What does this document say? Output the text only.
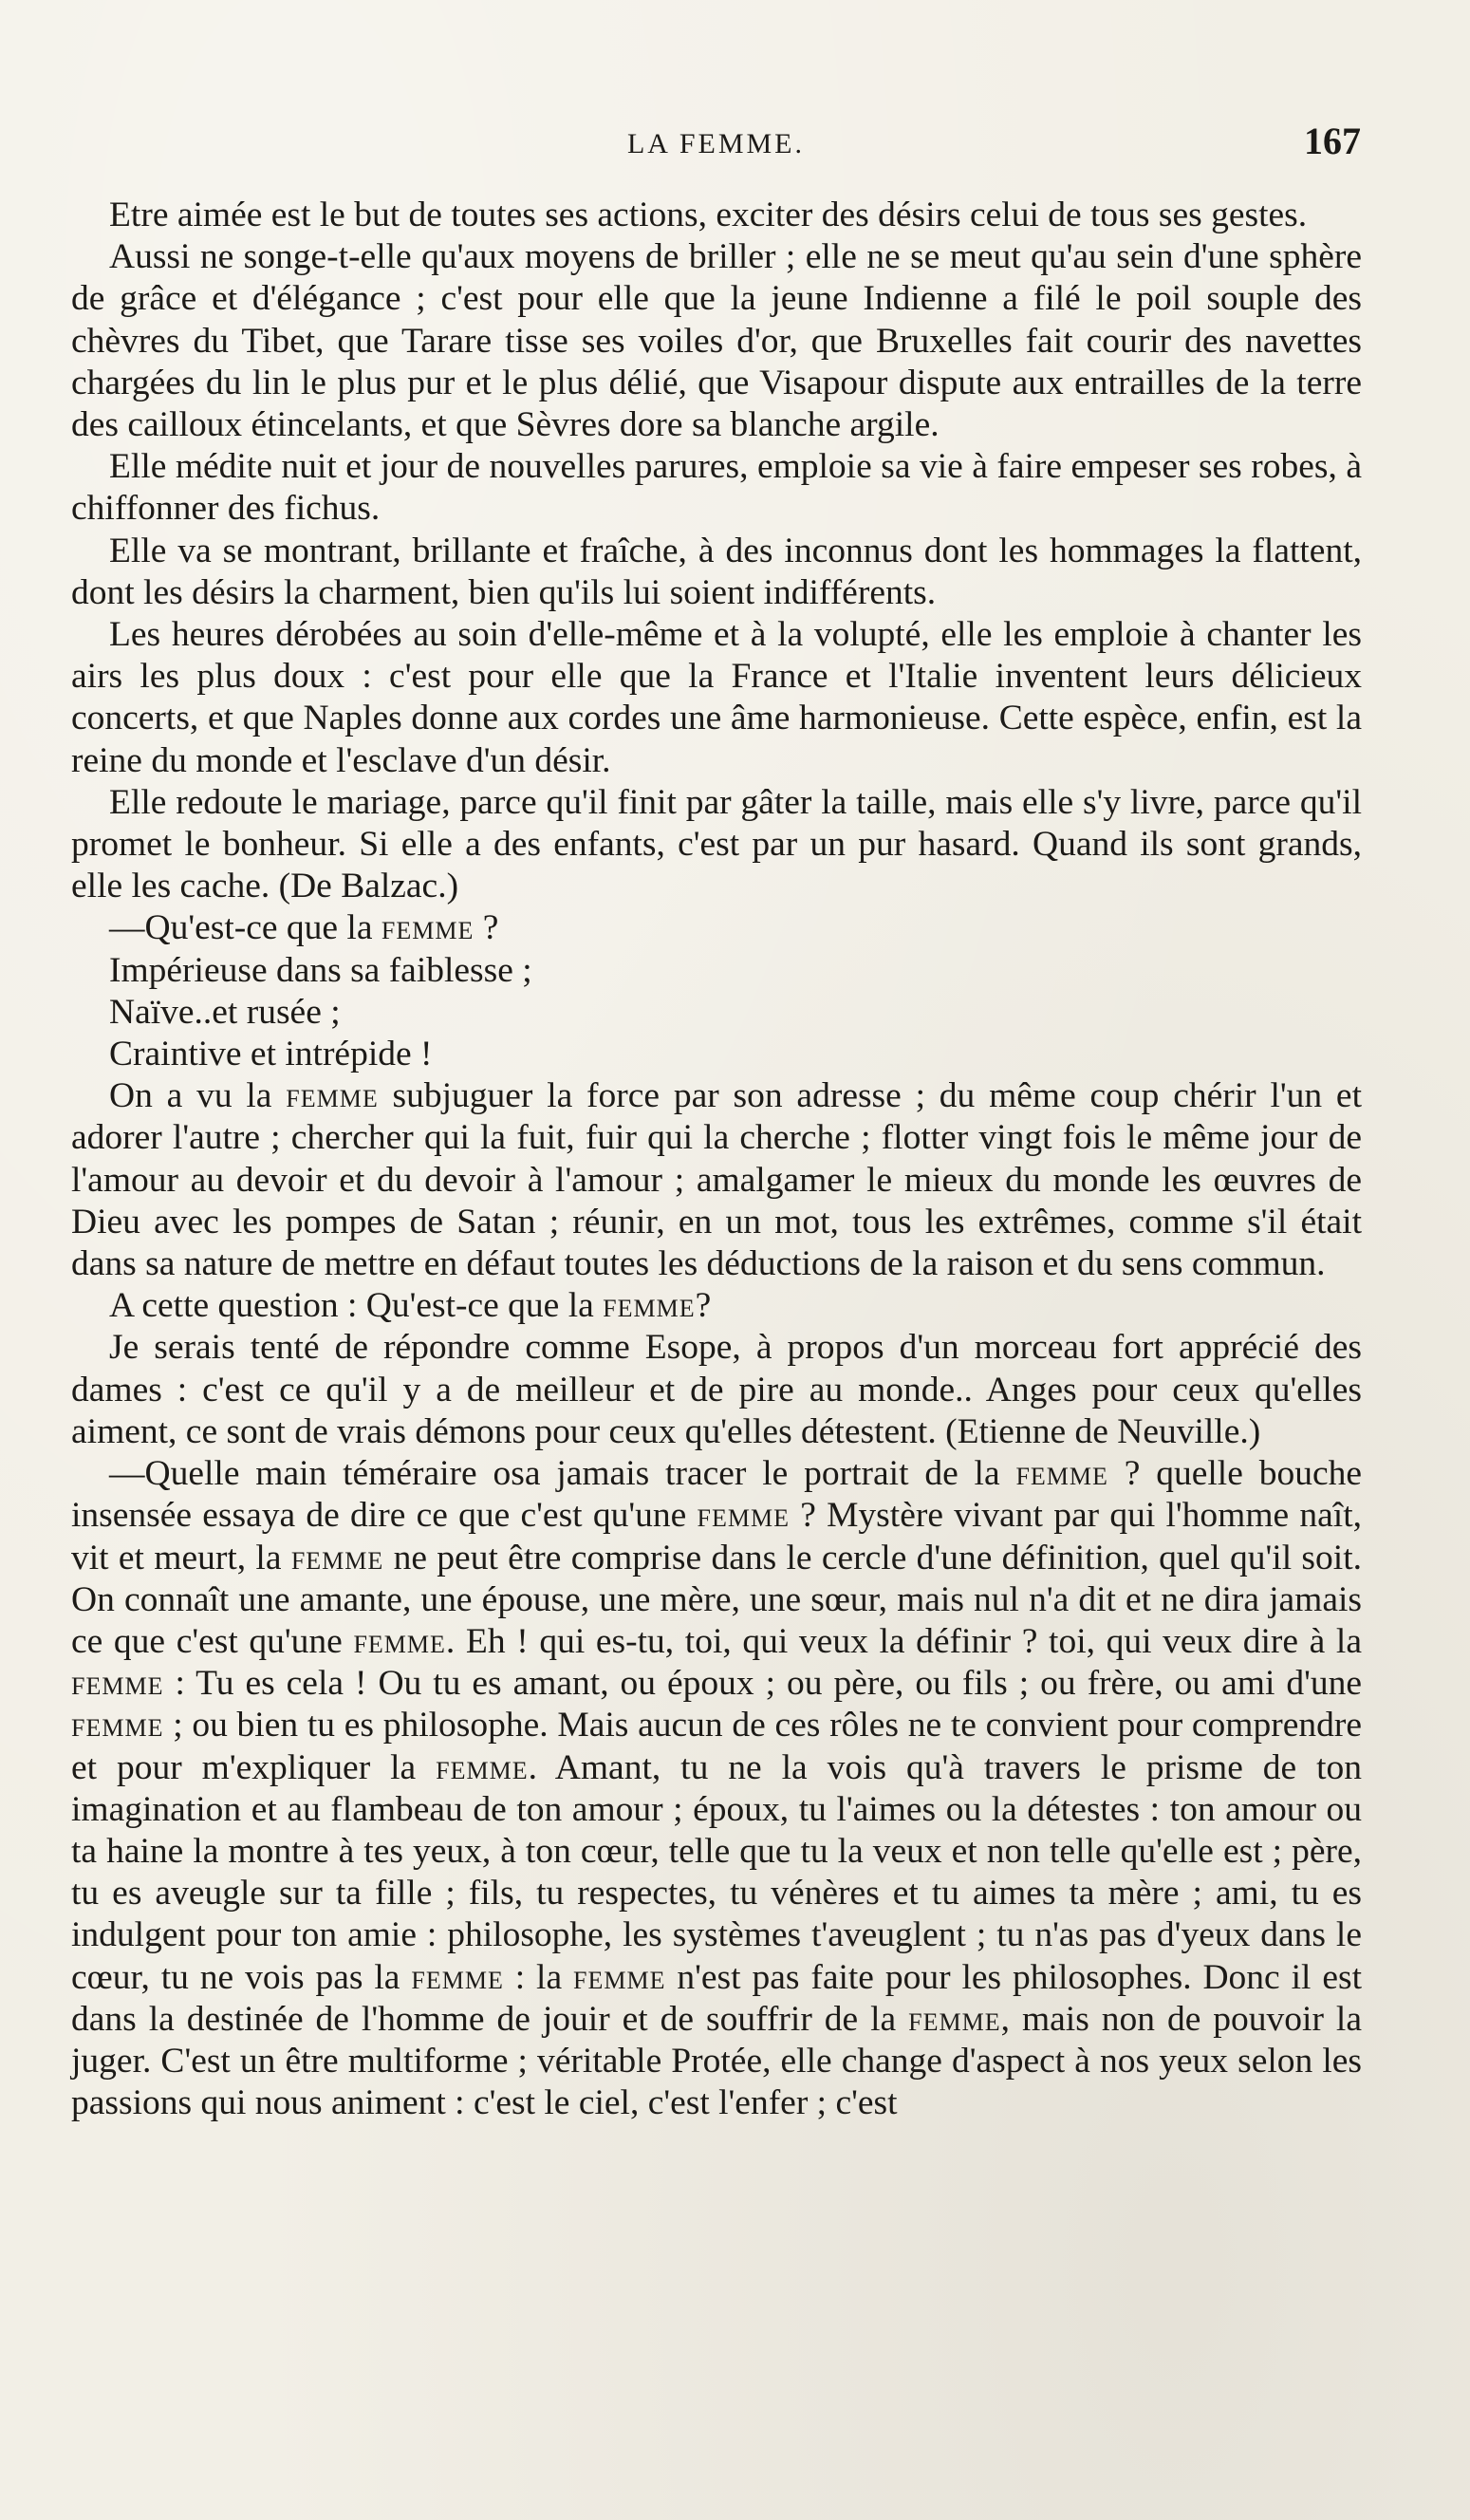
LA FEMME.	167

Etre aimée est le but de toutes ses actions, exciter des désirs celui de tous ses gestes.

Aussi ne songe-t-elle qu'aux moyens de briller ; elle ne se meut qu'au sein d'une sphère de grâce et d'élégance ; c'est pour elle que la jeune Indienne a filé le poil souple des chèvres du Tibet, que Tarare tisse ses voiles d'or, que Bruxelles fait courir des navettes chargées du lin le plus pur et le plus délié, que Visapour dispute aux entrailles de la terre des cailloux étincelants, et que Sèvres dore sa blanche argile.

Elle médite nuit et jour de nouvelles parures, emploie sa vie à faire empeser ses robes, à chiffonner des fichus.

Elle va se montrant, brillante et fraîche, à des inconnus dont les hommages la flattent, dont les désirs la charment, bien qu'ils lui soient indifférents.

Les heures dérobées au soin d'elle-même et à la volupté, elle les emploie à chanter les airs les plus doux : c'est pour elle que la France et l'Italie inventent leurs délicieux concerts, et que Naples donne aux cordes une âme harmonieuse. Cette espèce, enfin, est la reine du monde et l'esclave d'un désir.

Elle redoute le mariage, parce qu'il finit par gâter la taille, mais elle s'y livre, parce qu'il promet le bonheur. Si elle a des enfants, c'est par un pur hasard. Quand ils sont grands, elle les cache. (De Balzac.)

—Qu'est-ce que la femme ?

Impérieuse dans sa faiblesse ;

Naïve..et rusée ;

Craintive et intrépide !

On a vu la femme subjuguer la force par son adresse ; du même coup chérir l'un et adorer l'autre ; chercher qui la fuit, fuir qui la cherche ; flotter vingt fois le même jour de l'amour au devoir et du devoir à l'amour ; amalgamer le mieux du monde les œuvres de Dieu avec les pompes de Satan ; réunir, en un mot, tous les extrêmes, comme s'il était dans sa nature de mettre en défaut toutes les déductions de la raison et du sens commun.

A cette question : Qu'est-ce que la femme?

Je serais tenté de répondre comme Esope, à propos d'un morceau fort apprécié des dames : c'est ce qu'il y a de meilleur et de pire au monde.. Anges pour ceux qu'elles aiment, ce sont de vrais démons pour ceux qu'elles détestent. (Etienne de Neuville.)

—Quelle main téméraire osa jamais tracer le portrait de la femme ? quelle bouche insensée essaya de dire ce que c'est qu'une femme ? Mystère vivant par qui l'homme naît, vit et meurt, la femme ne peut être comprise dans le cercle d'une définition, quel qu'il soit. On connaît une amante, une épouse, une mère, une sœur, mais nul n'a dit et ne dira jamais ce que c'est qu'une femme. Eh ! qui es-tu, toi, qui veux la définir ? toi, qui veux dire à la femme : Tu es cela ! Ou tu es amant, ou époux ; ou père, ou fils ; ou frère, ou ami d'une femme ; ou bien tu es philosophe. Mais aucun de ces rôles ne te convient pour comprendre et pour m'expliquer la femme. Amant, tu ne la vois qu'à travers le prisme de ton imagination et au flambeau de ton amour ; époux, tu l'aimes ou la détestes : ton amour ou ta haine la montre à tes yeux, à ton cœur, telle que tu la veux et non telle qu'elle est ; père, tu es aveugle sur ta fille ; fils, tu respectes, tu vénères et tu aimes ta mère ; ami, tu es indulgent pour ton amie : philosophe, les systèmes t'aveuglent ; tu n'as pas d'yeux dans le cœur, tu ne vois pas la femme : la femme n'est pas faite pour les philosophes. Donc il est dans la destinée de l'homme de jouir et de souffrir de la femme, mais non de pouvoir la juger. C'est un être multiforme ; véritable Protée, elle change d'aspect à nos yeux selon les passions qui nous animent : c'est le ciel, c'est l'enfer ; c'est
